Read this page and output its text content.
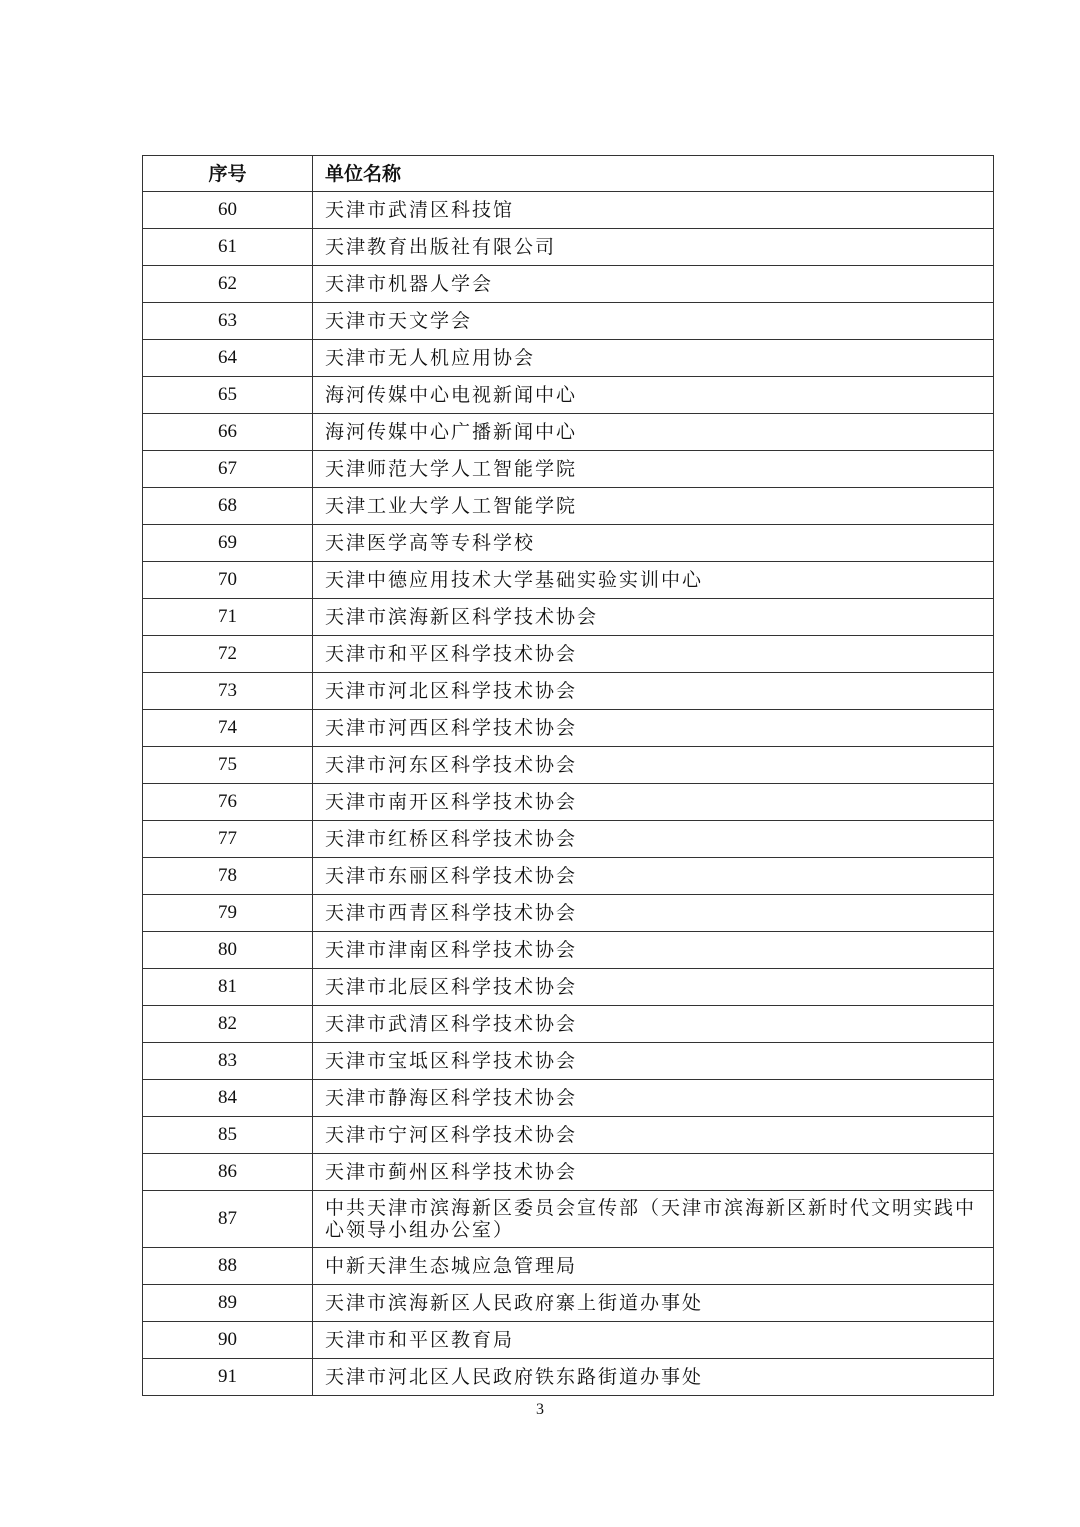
序号	单位名称
60	天津市武清区科技馆
61	天津教育出版社有限公司
62	天津市机器人学会
63	天津市天文学会
64	天津市无人机应用协会
65	海河传媒中心电视新闻中心
66	海河传媒中心广播新闻中心
67	天津师范大学人工智能学院
68	天津工业大学人工智能学院
69	天津医学高等专科学校
70	天津中德应用技术大学基础实验实训中心
71	天津市滨海新区科学技术协会
72	天津市和平区科学技术协会
73	天津市河北区科学技术协会
74	天津市河西区科学技术协会
75	天津市河东区科学技术协会
76	天津市南开区科学技术协会
77	天津市红桥区科学技术协会
78	天津市东丽区科学技术协会
79	天津市西青区科学技术协会
80	天津市津南区科学技术协会
81	天津市北辰区科学技术协会
82	天津市武清区科学技术协会
83	天津市宝坻区科学技术协会
84	天津市静海区科学技术协会
85	天津市宁河区科学技术协会
86	天津市蓟州区科学技术协会
87	中共天津市滨海新区委员会宣传部（天津市滨海新区新时代文明实践中心领导小组办公室）
88	中新天津生态城应急管理局
89	天津市滨海新区人民政府寨上街道办事处
90	天津市和平区教育局
91	天津市河北区人民政府铁东路街道办事处
3
